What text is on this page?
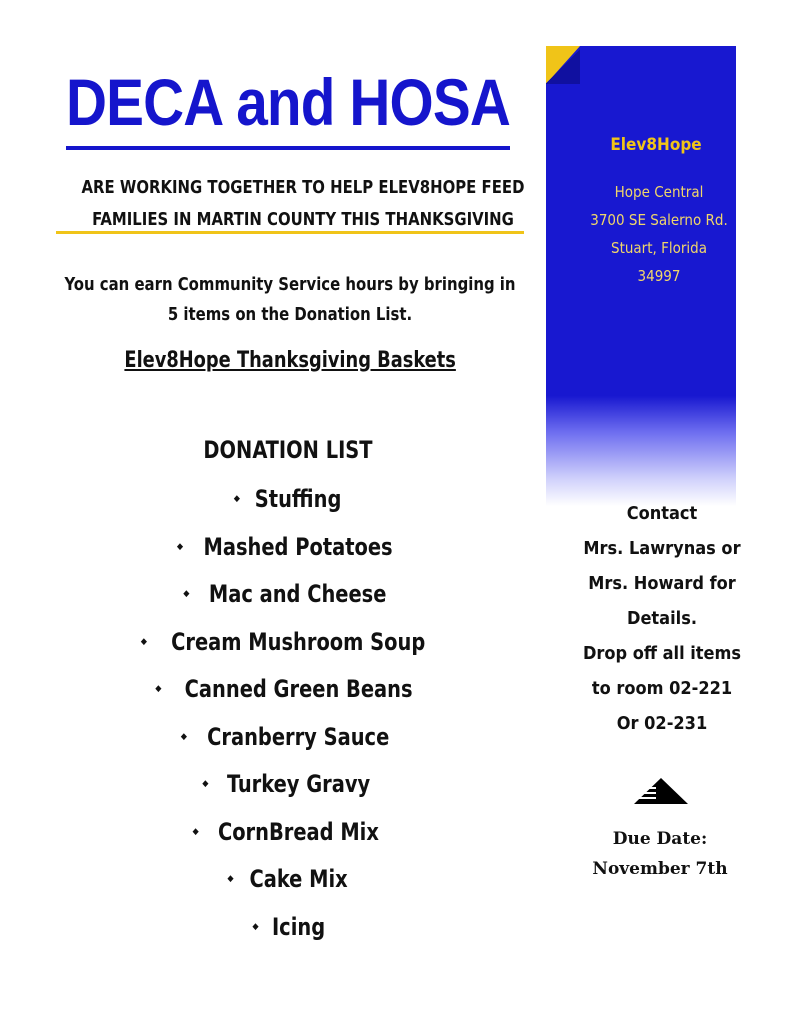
DECA and HOSA
ARE WORKING TOGETHER TO HELP ELEV8HOPE FEED
FAMILIES IN MARTIN COUNTY THIS THANKSGIVING
You can earn Community Service hours by bringing in
5 items on the Donation List.
Elev8Hope Thanksgiving Baskets
DONATION LIST
◆ Stuffing
◆ Mashed Potatoes
◆ Mac and Cheese
◆ Cream Mushroom Soup
◆ Canned Green Beans
◆ Cranberry Sauce
◆ Turkey Gravy
◆ CornBread Mix
◆ Cake Mix
◆ Icing
Elev8Hope
Hope Central
3700 SE Salerno Rd.
Stuart, Florida
34997
Contact
Mrs. Lawrynas or
Mrs. Howard for
Details.
Drop off all items
to room 02-221
Or 02-231
Due Date:
November 7th
